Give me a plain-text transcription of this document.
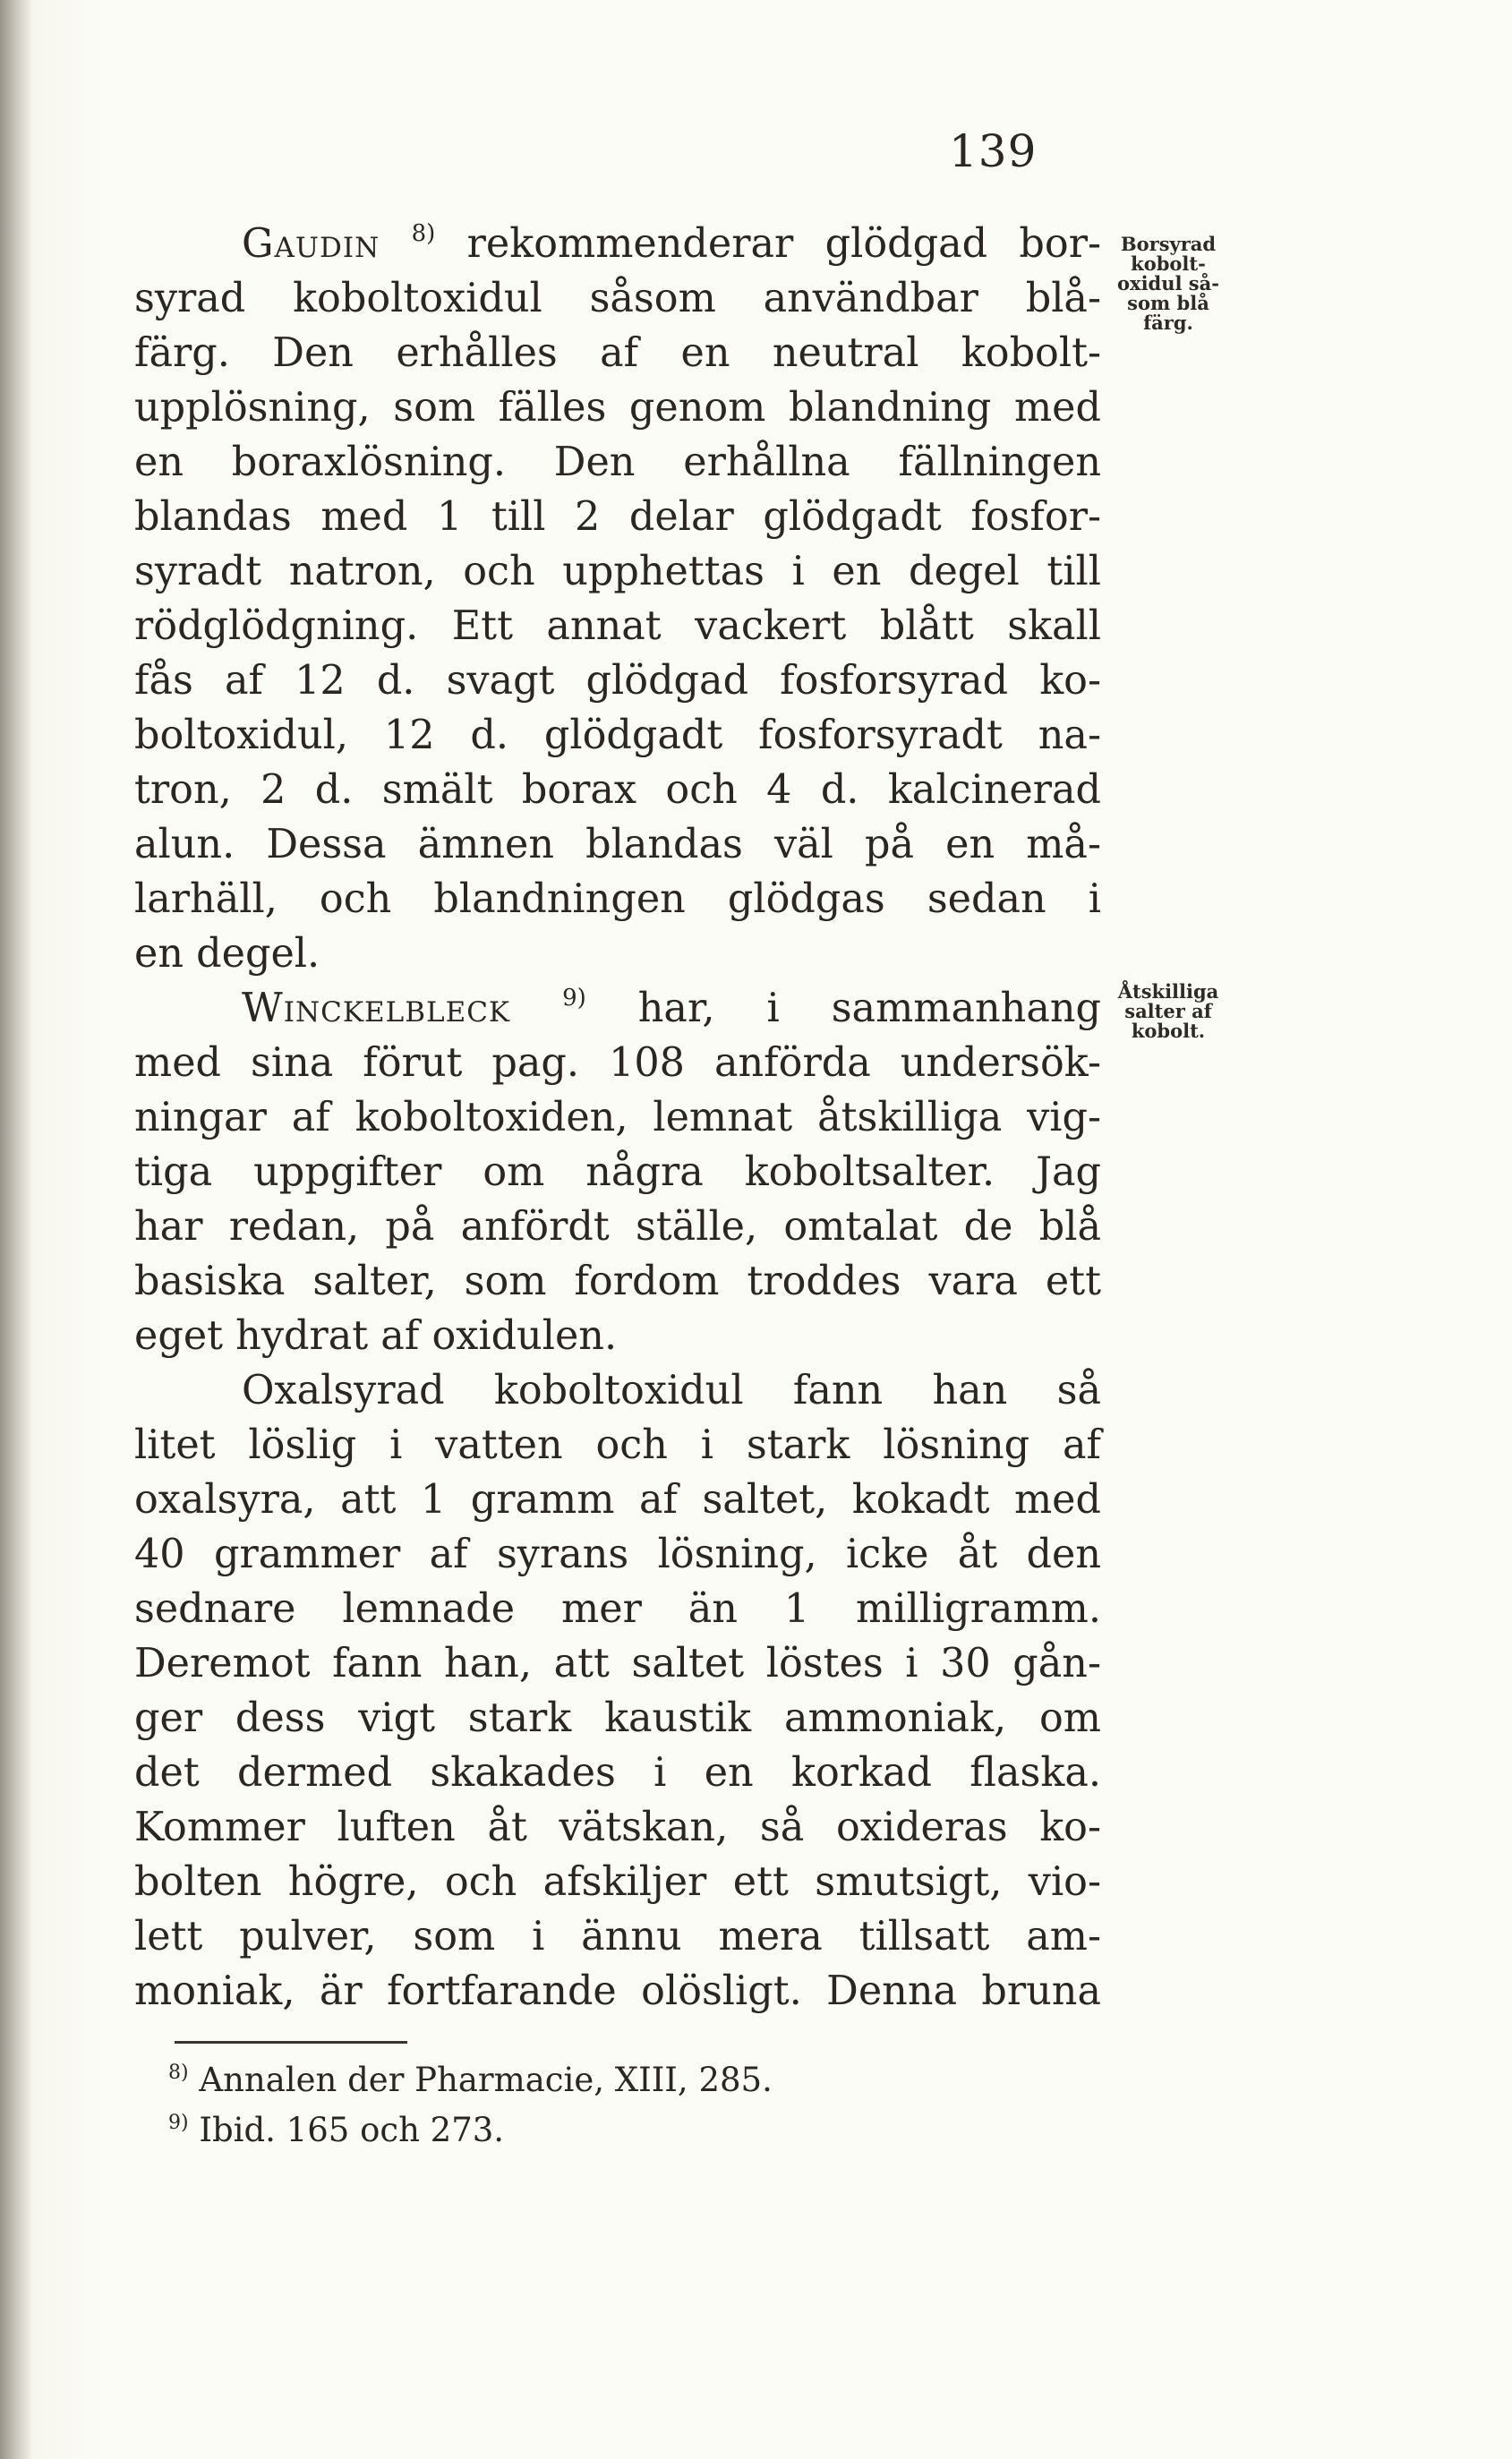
139
Gaudin $^{8)}$ rekommenderar glödgad bor-
syrad koboltoxidul såsom användbar blå-
färg. Den erhålles af en neutral kobolt-
upplösning, som fälles genom blandning med
en boraxlösning. Den erhållna fällningen
blandas med 1 till 2 delar glödgadt fosfor-
syradt natron, och upphettas i en degel till
rödglödgning. Ett annat vackert blått skall
fås af 12 d. svagt glödgad fosforsyrad ko-
boltoxidul, 12 d. glödgadt fosforsyradt na-
tron, 2 d. smält borax och 4 d. kalcinerad
alun. Dessa ämnen blandas väl på en må-
larhäll, och blandningen glödgas sedan i
en degel.
Winckelbleck $^{9)}$ har, i sammanhang
med sina förut pag. 108 anförda undersök-
ningar af koboltoxiden, lemnat åtskilliga vig-
tiga uppgifter om några koboltsalter. Jag
har redan, på anfördt ställe, omtalat de blå
basiska salter, som fordom troddes vara ett
eget hydrat af oxidulen.
Oxalsyrad koboltoxidul fann han så
litet löslig i vatten och i stark lösning af
oxalsyra, att 1 gramm af saltet, kokadt med
40 grammer af syrans lösning, icke åt den
sednare lemnade mer än 1 milligramm.
Deremot fann han, att saltet löstes i 30 gån-
ger dess vigt stark kaustik ammoniak, om
det dermed skakades i en korkad flaska.
Kommer luften åt vätskan, så oxideras ko-
bolten högre, och afskiljer ett smutsigt, vio-
lett pulver, som i ännu mera tillsatt am-
moniak, är fortfarande olösligt. Denna bruna
Borsyrad
kobolt-
oxidul så-
som blå
färg.
Åtskilliga
salter af
kobolt.
$^{8)}$ Annalen der Pharmacie, XIII, 285.
$^{9)}$ Ibid. 165 och 273.
